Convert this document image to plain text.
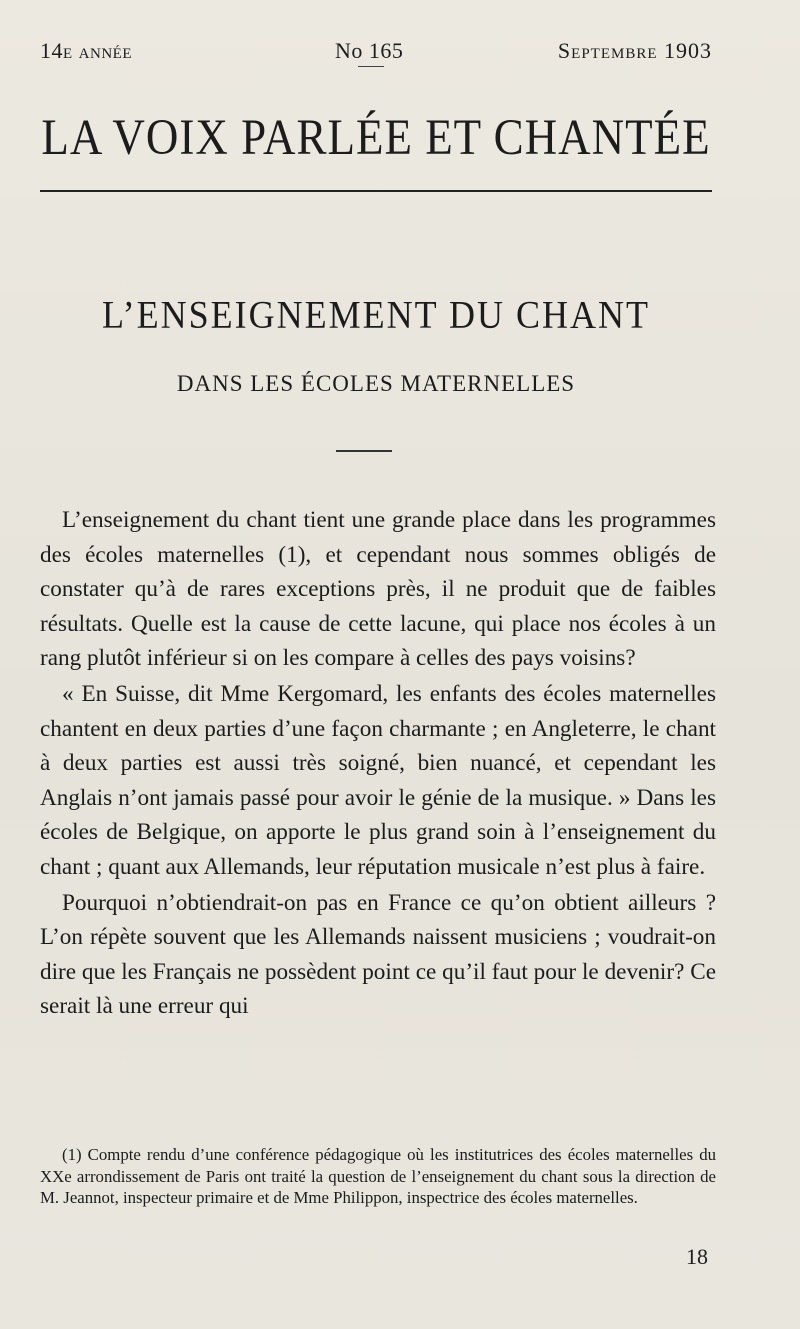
14e année	No 165	Septembre 1903
LA VOIX PARLÉE ET CHANTÉE
L’ENSEIGNEMENT DU CHANT
DANS LES ÉCOLES MATERNELLES

L’enseignement du chant tient une grande place dans les programmes des écoles maternelles (1), et cependant nous sommes obligés de constater qu’à de rares exceptions près, il ne produit que de faibles résultats. Quelle est la cause de cette lacune, qui place nos écoles à un rang plutôt inférieur si on les compare à celles des pays voisins?

« En Suisse, dit Mme Kergomard, les enfants des écoles maternelles chantent en deux parties d’une façon charmante ; en Angleterre, le chant à deux parties est aussi très soigné, bien nuancé, et cependant les Anglais n’ont jamais passé pour avoir le génie de la musique. » Dans les écoles de Belgique, on apporte le plus grand soin à l’enseignement du chant ; quant aux Allemands, leur réputation musicale n’est plus à faire.

Pourquoi n’obtiendrait-on pas en France ce qu’on obtient ailleurs ? L’on répète souvent que les Allemands naissent musiciens ; voudrait-on dire que les Français ne possèdent point ce qu’il faut pour le devenir? Ce serait là une erreur qui

(1) Compte rendu d’une conférence pédagogique où les institutrices des écoles maternelles du XXe arrondissement de Paris ont traité la question de l’enseignement du chant sous la direction de M. Jeannot, inspecteur primaire et de Mme Philippon, inspectrice des écoles maternelles.

18
